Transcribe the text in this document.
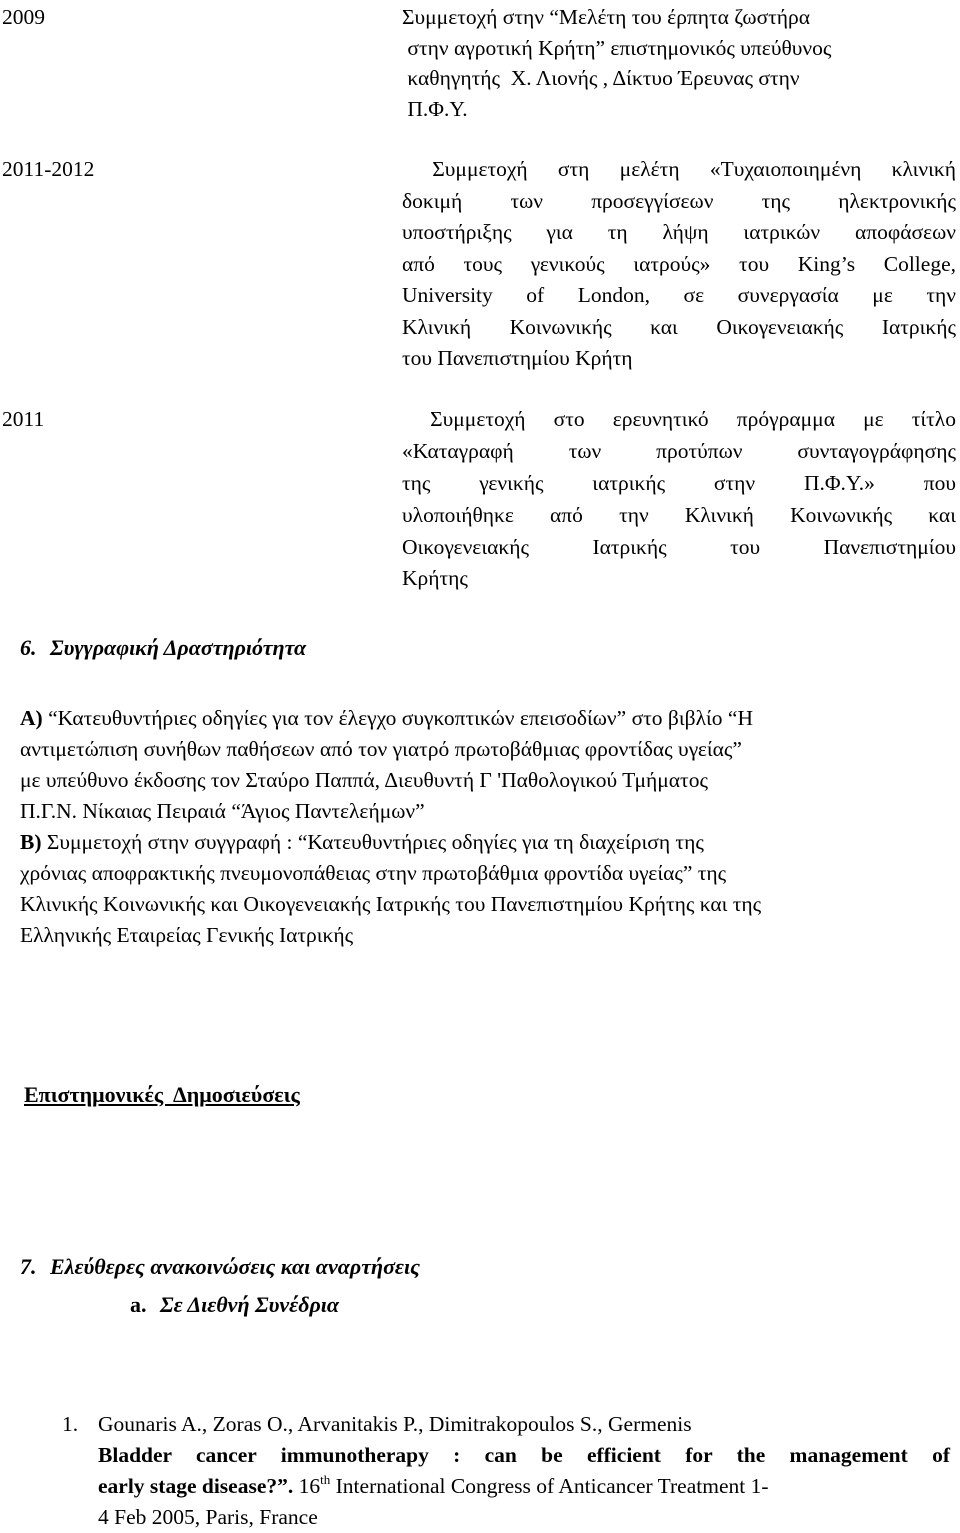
2009	Συμμετοχή στην “Μελέτη του έρπητα ζωστήρα
στην αγροτική Κρήτη” επιστημονικός υπεύθυνος
καθηγητής  Χ. Λιονής , Δίκτυο Έρευνας στην
Π.Φ.Υ.
2011-2012	Συμμετοχή στη μελέτη «Τυχαιοποιημένη κλινική
δοκιμή των προσεγγίσεων της ηλεκτρονικής
υποστήριξης για τη λήψη ιατρικών αποφάσεων
από τους γενικούς ιατρούς» του King’s College,
University of London, σε συνεργασία με την
Κλινική Κοινωνικής και Οικογενειακής Ιατρικής
του Πανεπιστημίου Κρήτη
2011	Συμμετοχή στο ερευνητικό πρόγραμμα με τίτλο
«Καταγραφή των προτύπων συνταγογράφησης
της γενικής ιατρικής στην Π.Φ.Υ.» που
υλοποιήθηκε από την Κλινική Κοινωνικής και
Οικογενειακής Ιατρικής του Πανεπιστημίου
Κρήτης
6. Συγγραφική Δραστηριότητα
Α) “Κατευθυντήριες οδηγίες για τον έλεγχο συγκοπτικών επεισοδίων” στο βιβλίο “Η
αντιμετώπιση συνήθων παθήσεων από τον γιατρό πρωτοβάθμιας φροντίδας υγείας”
με υπεύθυνο έκδοσης τον Σταύρο Παππά, Διευθυντή Γ 'Παθολογικού Τμήματος
Π.Γ.Ν. Νίκαιας Πειραιά “Άγιος Παντελεήμων”
Β) Συμμετοχή στην συγγραφή : “Κατευθυντήριες οδηγίες για τη διαχείριση της
χρόνιας αποφρακτικής πνευμονοπάθειας στην πρωτοβάθμια φροντίδα υγείας” της
Κλινικής Κοινωνικής και Οικογενειακής Ιατρικής του Πανεπιστημίου Κρήτης και της
Ελληνικής Εταιρείας Γενικής Ιατρικής
Επιστημονικές  Δημοσιεύσεις
7. Ελεύθερες ανακοινώσεις και αναρτήσεις
a. Σε Διεθνή Συνέδρια
1. Gounaris A., Zoras O., Arvanitakis P., Dimitrakopoulos S., Germenis
Bladder cancer immunotherapy : can be efficient for the management of
early stage disease?”. 16th International Congress of Anticancer Treatment 1-
4 Feb 2005, Paris, France
